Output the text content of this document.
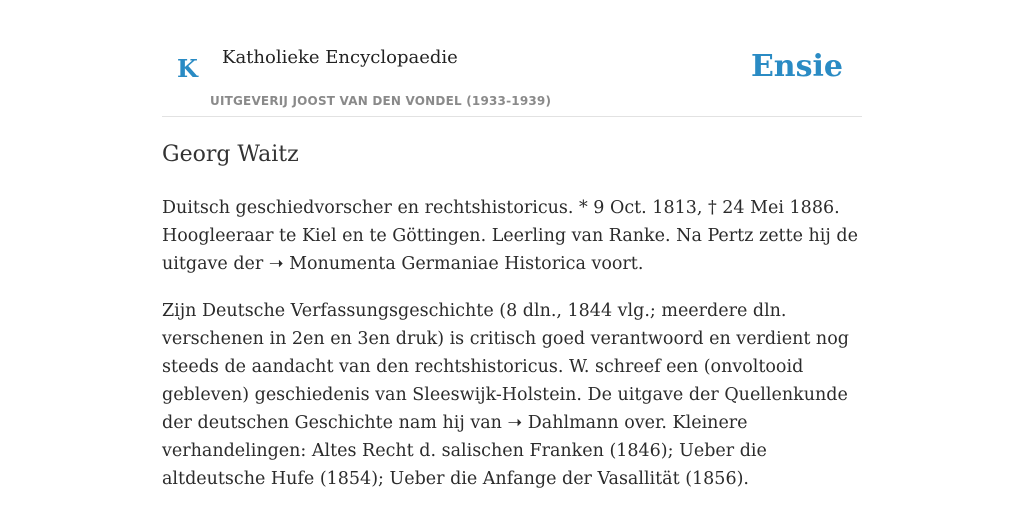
K Katholieke Encyclopaedie
UITGEVERIJ JOOST VAN DEN VONDEL (1933-1939)
Ensie
Georg Waitz

Duitsch geschiedvorscher en rechtshistoricus. * 9 Oct. 1813, † 24 Mei 1886. Hoogleeraar te Kiel en te Göttingen. Leerling van Ranke. Na Pertz zette hij de uitgave der ➝ Monumenta Germaniae Historica voort.

Zijn Deutsche Verfassungsgeschichte (8 dln., 1844 vlg.; meerdere dln. verschenen in 2en en 3en druk) is critisch goed verantwoord en verdient nog steeds de aandacht van den rechtshistoricus. W. schreef een (onvoltooid gebleven) geschiedenis van Sleeswijk-Holstein. De uitgave der Quellenkunde der deutschen Geschichte nam hij van ➝ Dahlmann over. Kleinere verhandelingen: Altes Recht d. salischen Franken (1846); Ueber die altdeutsche Hufe (1854); Ueber die Anfange der Vasallität (1856).
